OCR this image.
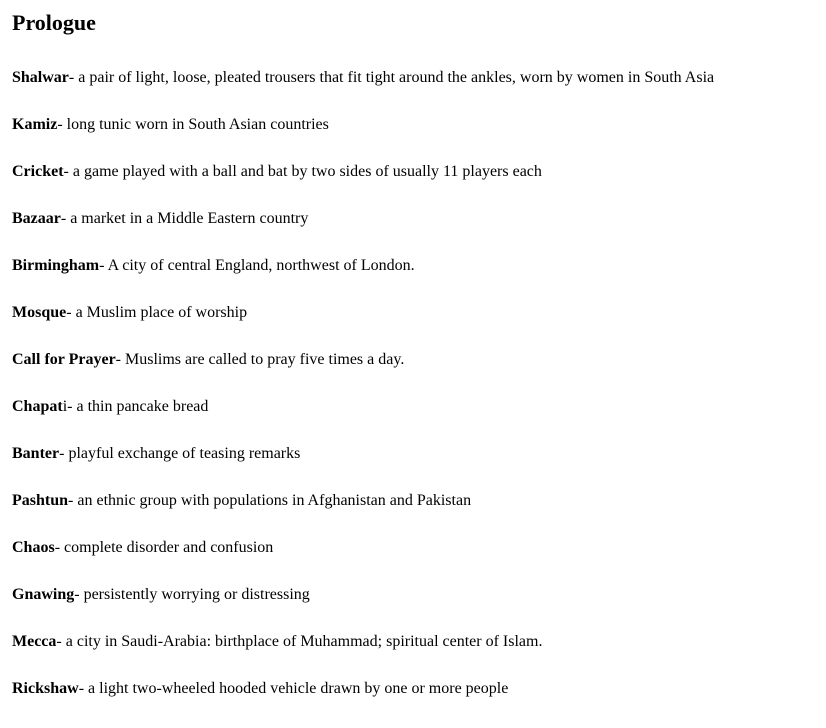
Prologue

Shalwar- a pair of light, loose, pleated trousers that fit tight around the ankles, worn by women in South Asia

Kamiz- long tunic worn in South Asian countries

Cricket- a game played with a ball and bat by two sides of usually 11 players each

Bazaar- a market in a Middle Eastern country

Birmingham- A city of central England, northwest of London.

Mosque- a Muslim place of worship

Call for Prayer- Muslims are called to pray five times a day.

Chapati- a thin pancake bread

Banter- playful exchange of teasing remarks

Pashtun- an ethnic group with populations in Afghanistan and Pakistan

Chaos- complete disorder and confusion

Gnawing- persistently worrying or distressing

Mecca- a city in Saudi-Arabia: birthplace of Muhammad; spiritual center of Islam.

Rickshaw- a light two-wheeled hooded vehicle drawn by one or more people
